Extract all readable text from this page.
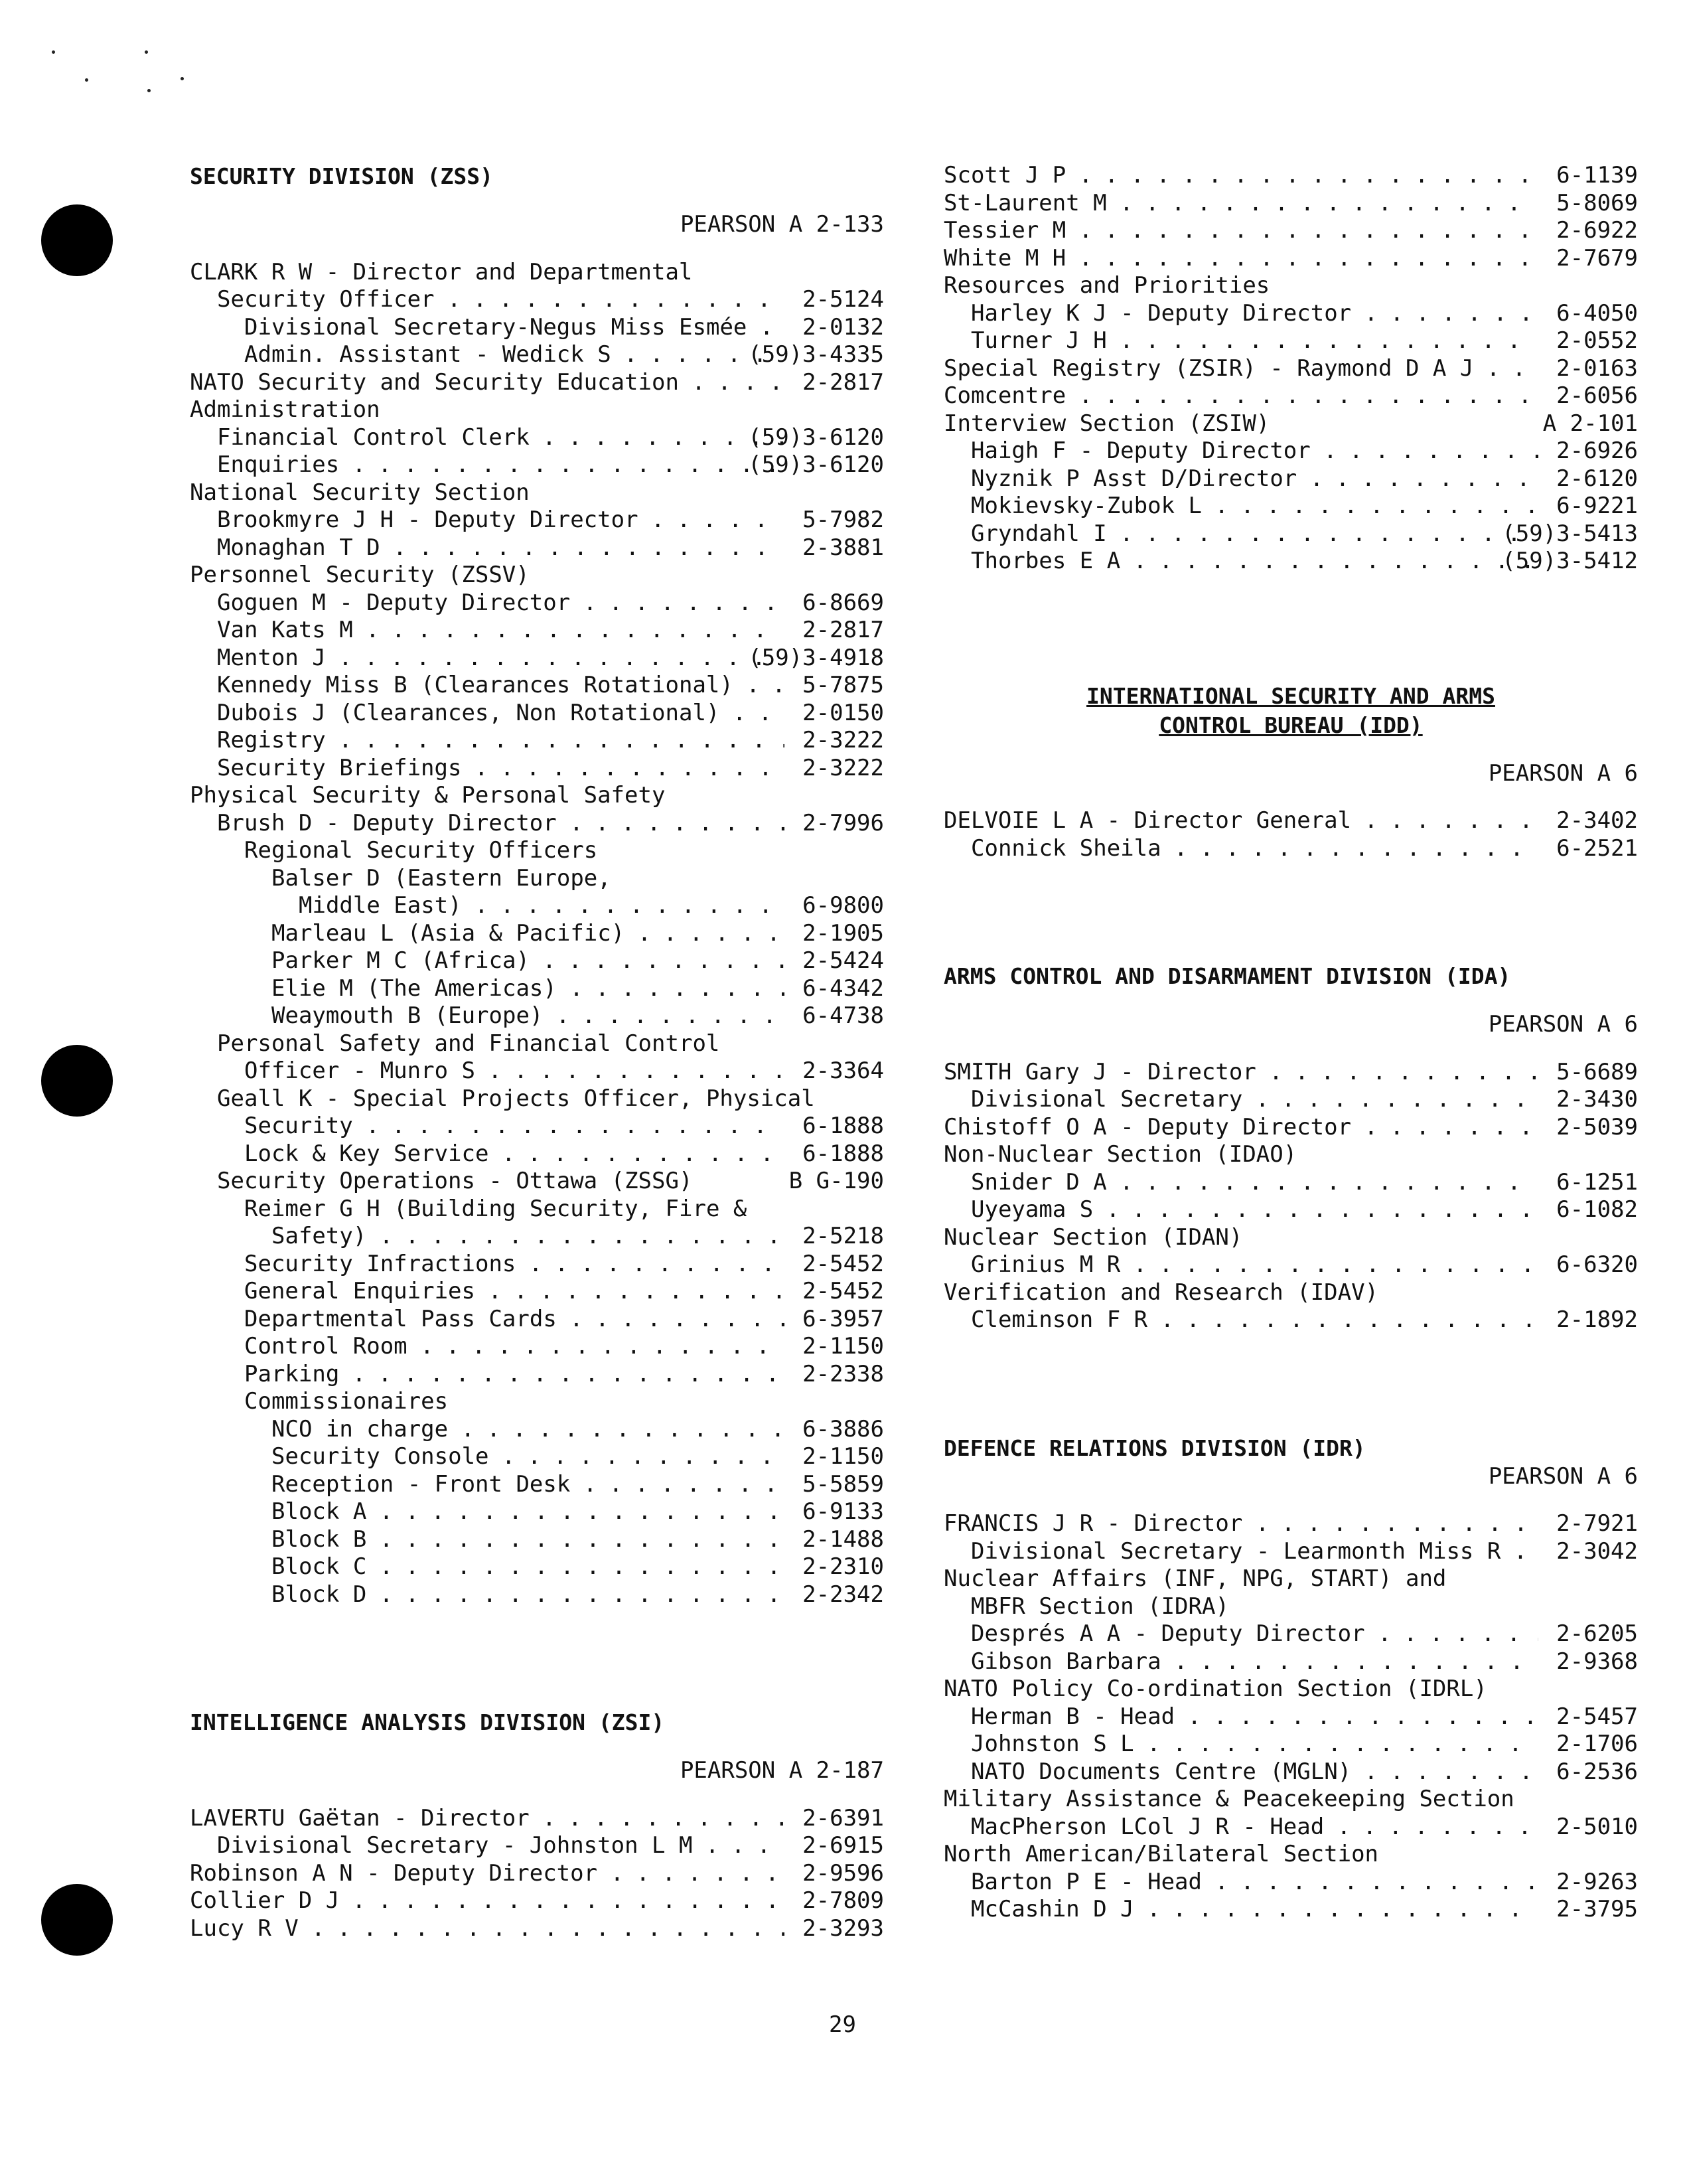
SECURITY DIVISION (ZSS)
PEARSON A 2-133
CLARK R W - Director and Departmental
Security Officer . . .	2-5124
Divisional Secretary-Negus Miss Esmée . . .	2-0132
Admin. Assistant - Wedick S . . .	(59)3-4335
NATO Security and Security Education . . .	2-2817
Administration
Financial Control Clerk . . .	(59)3-6120
Enquiries . . .	(59)3-6120
National Security Section
Brookmyre J H - Deputy Director . . .	5-7982
Monaghan T D . . .	2-3881
Personnel Security (ZSSV)
Goguen M - Deputy Director . . .	6-8669
Van Kats M . . .	2-2817
Menton J . . .	(59)3-4918
Kennedy Miss B (Clearances Rotational) . . .	5-7875
Dubois J (Clearances, Non Rotational) . . .	2-0150
Registry . . .	2-3222
Security Briefings . . .	2-3222
Physical Security & Personal Safety
Brush D - Deputy Director . . .	2-7996
Regional Security Officers
Balser D (Eastern Europe,
Middle East) . . .	6-9800
Marleau L (Asia & Pacific) . . .	2-1905
Parker M C (Africa) . . .	2-5424
Elie M (The Americas) . . .	6-4342
Weaymouth B (Europe) . . .	6-4738
Personal Safety and Financial Control
Officer - Munro S . . .	2-3364
Geall K - Special Projects Officer, Physical
Security . . .	6-1888
Lock & Key Service . . .	6-1888
Security Operations - Ottawa (ZSSG)	B G-190
Reimer G H (Building Security, Fire &
Safety) . . .	2-5218
Security Infractions . . .	2-5452
General Enquiries . . .	2-5452
Departmental Pass Cards . . .	6-3957
Control Room . . .	2-1150
Parking . . .	2-2338
Commissionaires
NCO in charge . . .	6-3886
Security Console . . .	2-1150
Reception - Front Desk . . .	5-5859
Block A . . .	6-9133
Block B . . .	2-1488
Block C . . .	2-2310
Block D . . .	2-2342
INTELLIGENCE ANALYSIS DIVISION (ZSI)
PEARSON A 2-187
LAVERTU Gaëtan - Director . . .	2-6391
Divisional Secretary - Johnston L M . . .	2-6915
Robinson A N - Deputy Director . . .	2-9596
Collier D J . . .	2-7809
Lucy R V . . .	2-3293
Scott J P . . .	6-1139
St-Laurent M . . .	5-8069
Tessier M . . .	2-6922
White M H . . .	2-7679
Resources and Priorities
Harley K J - Deputy Director . . .	6-4050
Turner J H . . .	2-0552
Special Registry (ZSIR) - Raymond D A J . . .	2-0163
Comcentre . . .	2-6056
Interview Section (ZSIW)	A 2-101
Haigh F - Deputy Director . . .	2-6926
Nyznik P Asst D/Director . . .	2-6120
Mokievsky-Zubok L . . .	6-9221
Gryndahl I . . .	(59)3-5413
Thorbes E A . . .	(59)3-5412
INTERNATIONAL SECURITY AND ARMS
CONTROL BUREAU (IDD)
PEARSON A 6
DELVOIE L A - Director General . . .	2-3402
Connick Sheila . . .	6-2521
ARMS CONTROL AND DISARMAMENT DIVISION (IDA)
PEARSON A 6
SMITH Gary J - Director . . .	5-6689
Divisional Secretary . . .	2-3430
Chistoff O A - Deputy Director . . .	2-5039
Non-Nuclear Section (IDAO)
Snider D A . . .	6-1251
Uyeyama S . . .	6-1082
Nuclear Section (IDAN)
Grinius M R . . .	6-6320
Verification and Research (IDAV)
Cleminson F R . . .	2-1892
DEFENCE RELATIONS DIVISION (IDR)
PEARSON A 6
FRANCIS J R - Director . . .	2-7921
Divisional Secretary - Learmonth Miss R . . .	2-3042
Nuclear Affairs (INF, NPG, START) and
MBFR Section (IDRA)
Després A A - Deputy Director . . .	2-6205
Gibson Barbara . . .	2-9368
NATO Policy Co-ordination Section (IDRL)
Herman B - Head . . .	2-5457
Johnston S L . . .	2-1706
NATO Documents Centre (MGLN) . . .	6-2536
Military Assistance & Peacekeeping Section
MacPherson LCol J R - Head . . .	2-5010
North American/Bilateral Section
Barton P E - Head . . .	2-9263
McCashin D J . . .	2-3795
29
